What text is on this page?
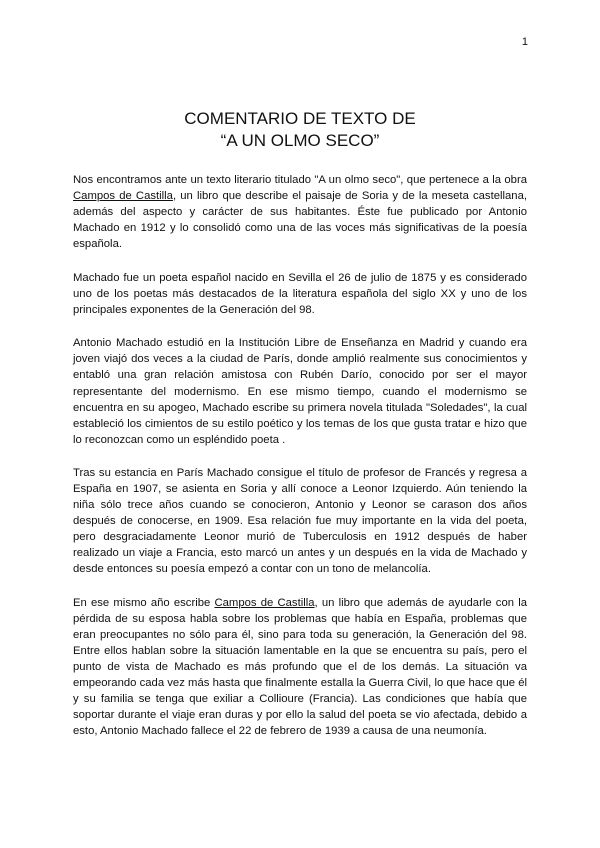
1
COMENTARIO DE TEXTO DE
“A UN OLMO SECO”

Nos encontramos ante un texto literario titulado "A un olmo seco", que pertenece a la obra Campos de Castilla, un libro que describe el paisaje de Soria y de la meseta castellana, además del aspecto y carácter de sus habitantes. Éste fue publicado por Antonio Machado en 1912 y lo consolidó como una de las voces más significativas de la poesía española.

Machado fue un poeta español nacido en Sevilla el 26 de julio de 1875 y es considerado uno de los poetas más destacados de la literatura española del siglo XX y uno de los principales exponentes de la Generación del 98.

Antonio Machado estudió en la Institución Libre de Enseñanza en Madrid y cuando era joven viajó dos veces a la ciudad de París, donde amplió realmente sus conocimientos y entabló una gran relación amistosa con Rubén Darío, conocido por ser el mayor representante del modernismo. En ese mismo tiempo, cuando el modernismo se encuentra en su apogeo, Machado escribe su primera novela titulada "Soledades", la cual estableció los cimientos de su estilo poético y los temas de los que gusta tratar e hizo que lo reconozcan como un espléndido poeta .

Tras su estancia en París Machado consigue el título de profesor de Francés y regresa a España en 1907, se asienta en Soria y allí conoce a Leonor Izquierdo. Aún teniendo la niña sólo trece años cuando se conocieron, Antonio y Leonor se carason dos años después de conocerse, en 1909. Esa relación fue muy importante en la vida del poeta, pero desgraciadamente Leonor murió de Tuberculosis en 1912 después de haber realizado un viaje a Francia, esto marcó un antes y un después en la vida de Machado y desde entonces su poesía empezó a contar con un tono de melancolía.

En ese mismo año escribe Campos de Castilla, un libro que además de ayudarle con la pérdida de su esposa habla sobre los problemas que había en España, problemas que eran preocupantes no sólo para él, sino para toda su generación, la Generación del 98. Entre ellos hablan sobre la situación lamentable en la que se encuentra su país, pero el punto de vista de Machado es más profundo que el de los demás. La situación va empeorando cada vez más hasta que finalmente estalla la Guerra Civil, lo que hace que él y su familia se tenga que exiliar a Collioure (Francia). Las condiciones que había que soportar durante el viaje eran duras y por ello la salud del poeta se vio afectada, debido a esto, Antonio Machado fallece el 22 de febrero de 1939 a causa de una neumonía.
